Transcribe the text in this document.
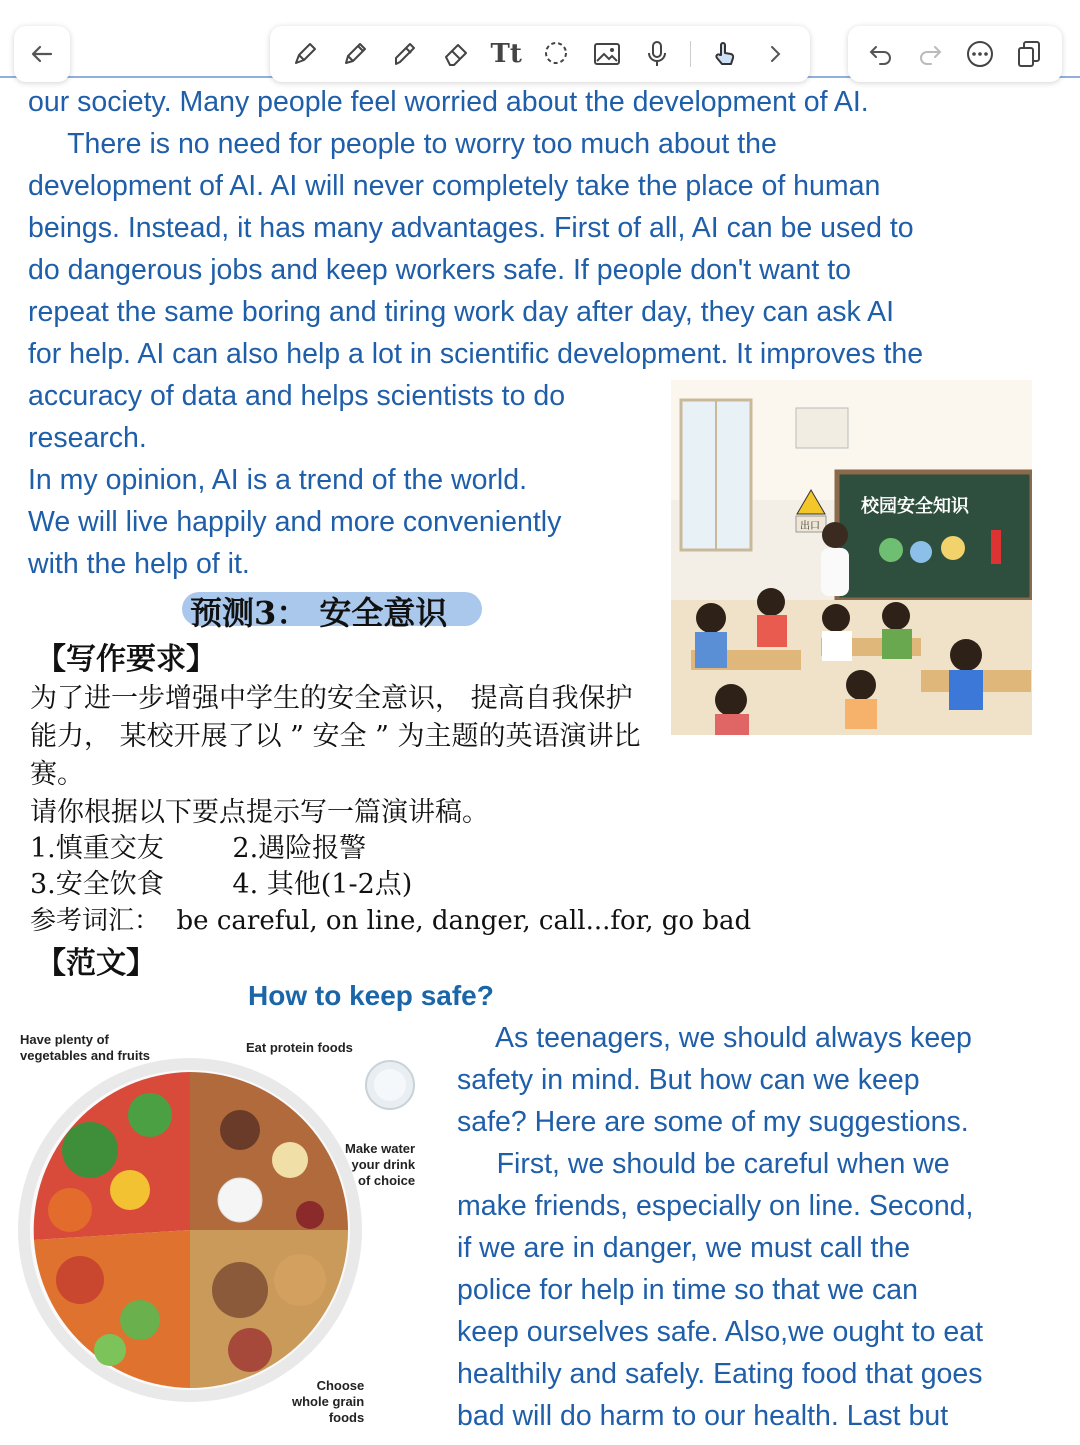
Tt
our society. Many people feel worried about the development of AI.
There is no need for people to worry too much about the
development of AI. AI will never completely take the place of human
beings. Instead, it has many advantages. First of all, AI can be used to
do dangerous jobs and keep workers safe. If people don't want to
repeat the same boring and tiring work day after day, they can ask AI
for help. AI can also help a lot in scientific development. It improves the
accuracy of data and helps scientists to do
research.
In my opinion, AI is a trend of the world.
We will live happily and more conveniently
with the help of it.
校园安全知识
出口
预测3： 安全意识
【写作要求】
为了进一步增强中学生的安全意识， 提高自我保护
能力， 某校开展了以 ” 安全 ” 为主题的英语演讲比
赛。
请你根据以下要点提示写一篇演讲稿。
1.慎重交友        2.遇险报警
3.安全饮食        4. 其他(1-2点)
参考词汇：  be careful, on line, danger, call...for, go bad
【范文】
How to keep safe?
As teenagers, we should always keep
safety in mind. But how can we keep
safe? Here are some of my suggestions.
First, we should be careful when we
make friends, especially on line. Second,
if we are in danger, we must call the
police for help in time so that we can
keep ourselves safe. Also,we ought to eat
healthily and safely. Eating food that goes
bad will do harm to our health. Last but
Have plenty of
vegetables and fruits
Eat protein foods
Make water
your drink
of choice
Choose
whole grain
foods
